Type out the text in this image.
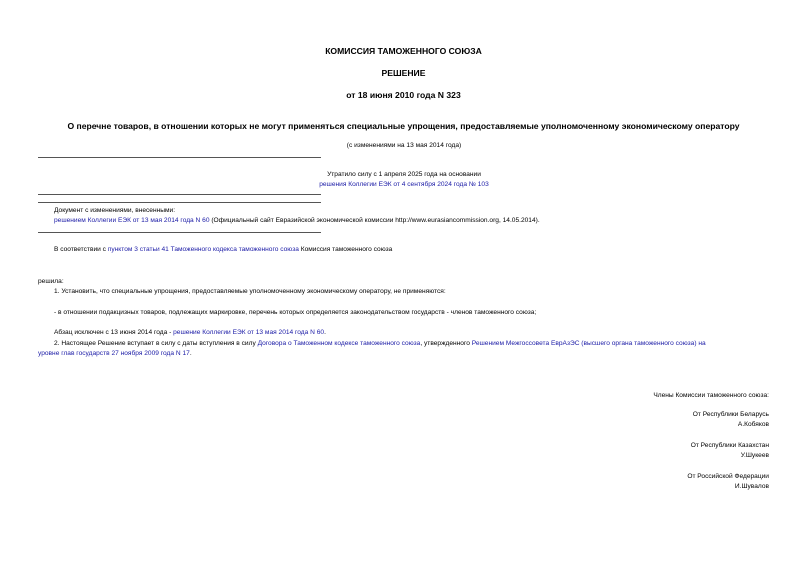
КОМИССИЯ ТАМОЖЕННОГО СОЮЗА
РЕШЕНИЕ
от 18 июня 2010 года N 323
О перечне товаров, в отношении которых не могут применяться специальные упрощения, предоставляемые уполномоченному экономическому оператору
(с изменениями на 13 мая 2014 года)
Утратило силу с 1 апреля 2025 года на основании
решения Коллегии ЕЭК от 4 сентября 2024 года № 103
Документ с изменениями, внесенными:
решением Коллегии ЕЭК от 13 мая 2014 года N 60 (Официальный сайт Евразийской экономической комиссии http://www.eurasiancommission.org, 14.05.2014).
В соответствии с пунктом 3 статьи 41 Таможенного кодекса таможенного союза Комиссия таможенного союза
решила:
1. Установить, что специальные упрощения, предоставляемые уполномоченному экономическому оператору, не применяются:
- в отношении подакцизных товаров, подлежащих маркировке, перечень которых определяется законодательством государств - членов таможенного союза;
Абзац исключен с 13 июня 2014 года - решение Коллегии ЕЭК от 13 мая 2014 года N 60.
2. Настоящее Решение вступает в силу с даты вступления в силу Договора о Таможенном кодексе таможенного союза, утвержденного Решением Межгоссовета ЕврАзЭС (высшего органа таможенного союза) на
уровне глав государств 27 ноября 2009 года N 17.
Члены Комиссии таможенного союза:
От Республики Беларусь
А.Кобяков
От Республики Казахстан
У.Шукеев
От Российской Федерации
И.Шувалов
